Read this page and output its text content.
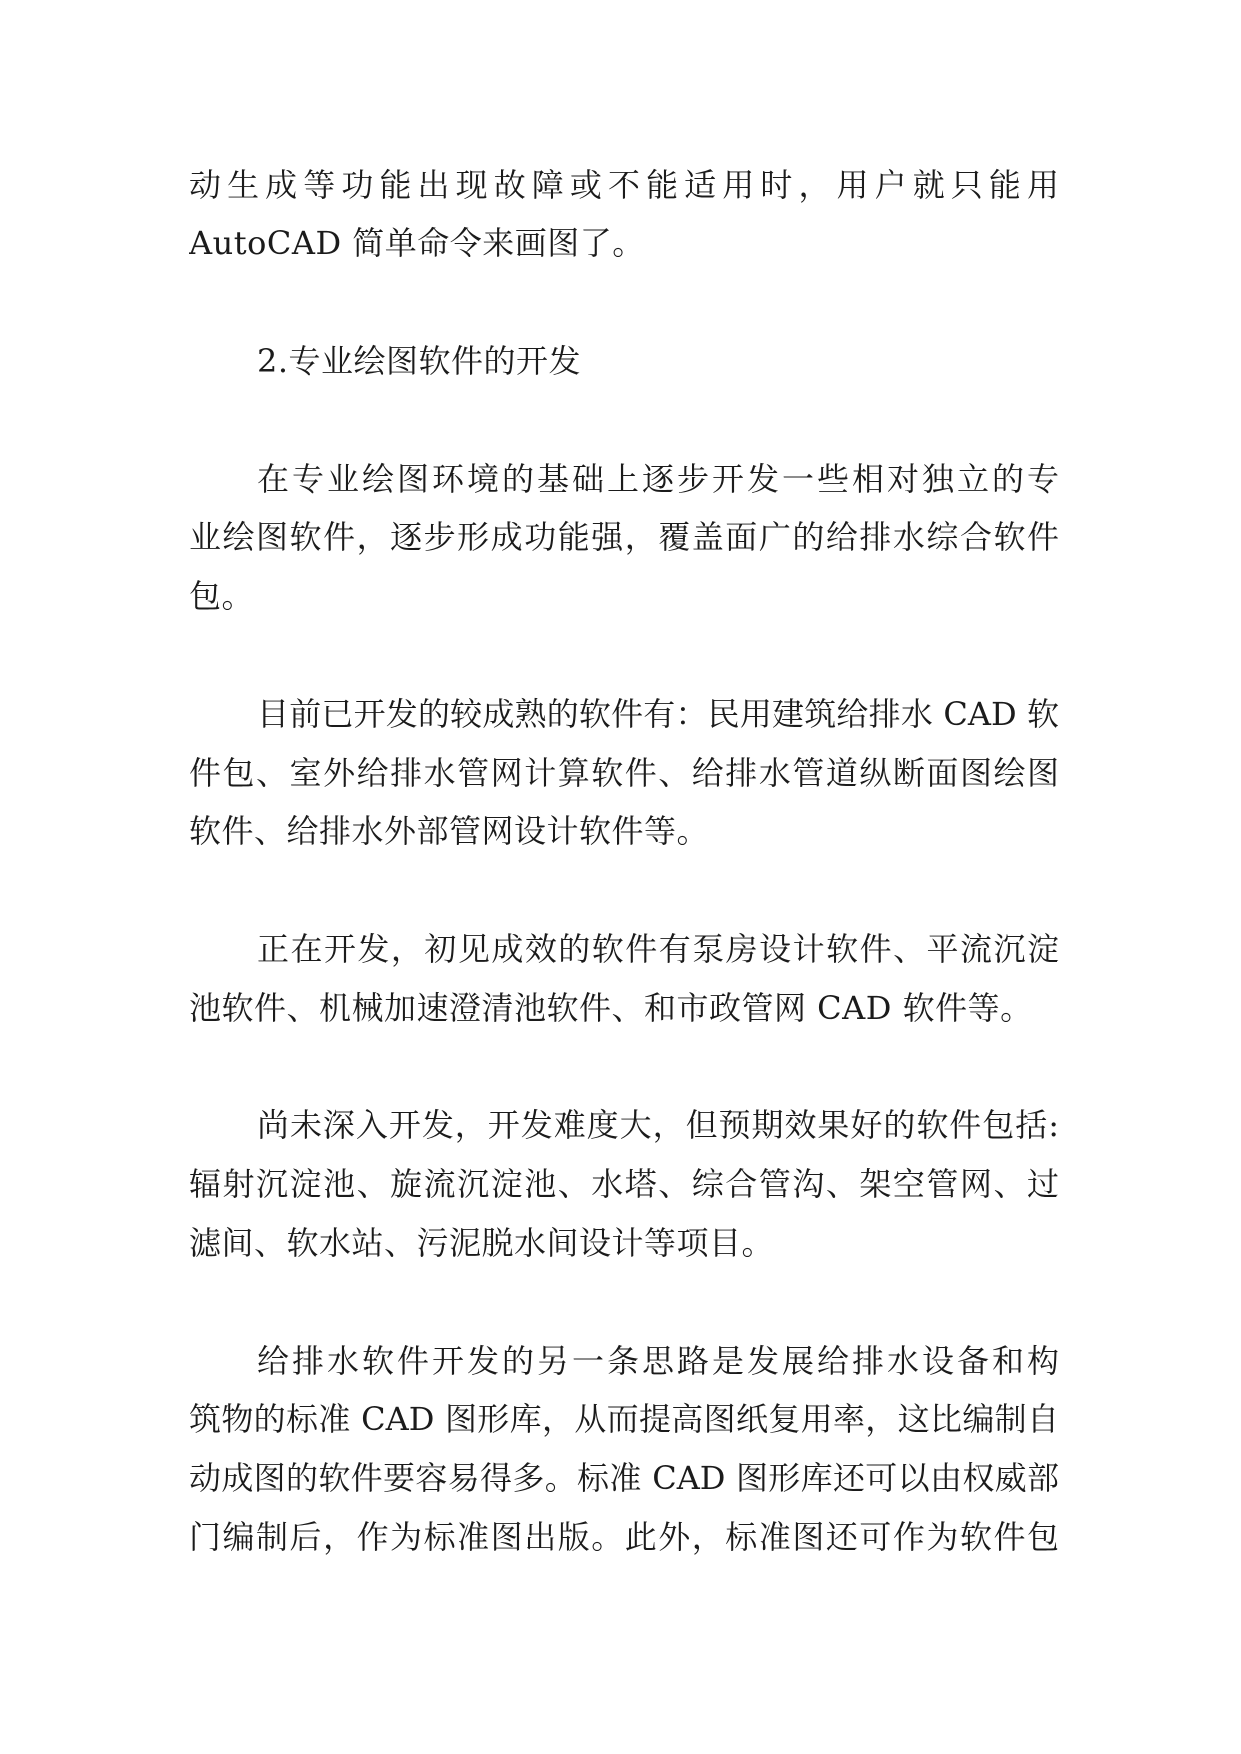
动生成等功能出现故障或不能适用时，用户就只能用
AutoCAD 简单命令来画图了。

2.专业绘图软件的开发

在专业绘图环境的基础上逐步开发一些相对独立的专
业绘图软件，逐步形成功能强，覆盖面广的给排水综合软件
包。

目前已开发的较成熟的软件有：民用建筑给排水 CAD 软
件包、室外给排水管网计算软件、给排水管道纵断面图绘图
软件、给排水外部管网设计软件等。

正在开发，初见成效的软件有泵房设计软件、平流沉淀
池软件、机械加速澄清池软件、和市政管网 CAD 软件等。

尚未深入开发，开发难度大，但预期效果好的软件包括:
辐射沉淀池、旋流沉淀池、水塔、综合管沟、架空管网、过
滤间、软水站、污泥脱水间设计等项目。

给排水软件开发的另一条思路是发展给排水设备和构
筑物的标准 CAD 图形库，从而提高图纸复用率，这比编制自
动成图的软件要容易得多。标准 CAD 图形库还可以由权威部
门编制后，作为标准图出版。此外，标准图还可作为软件包
